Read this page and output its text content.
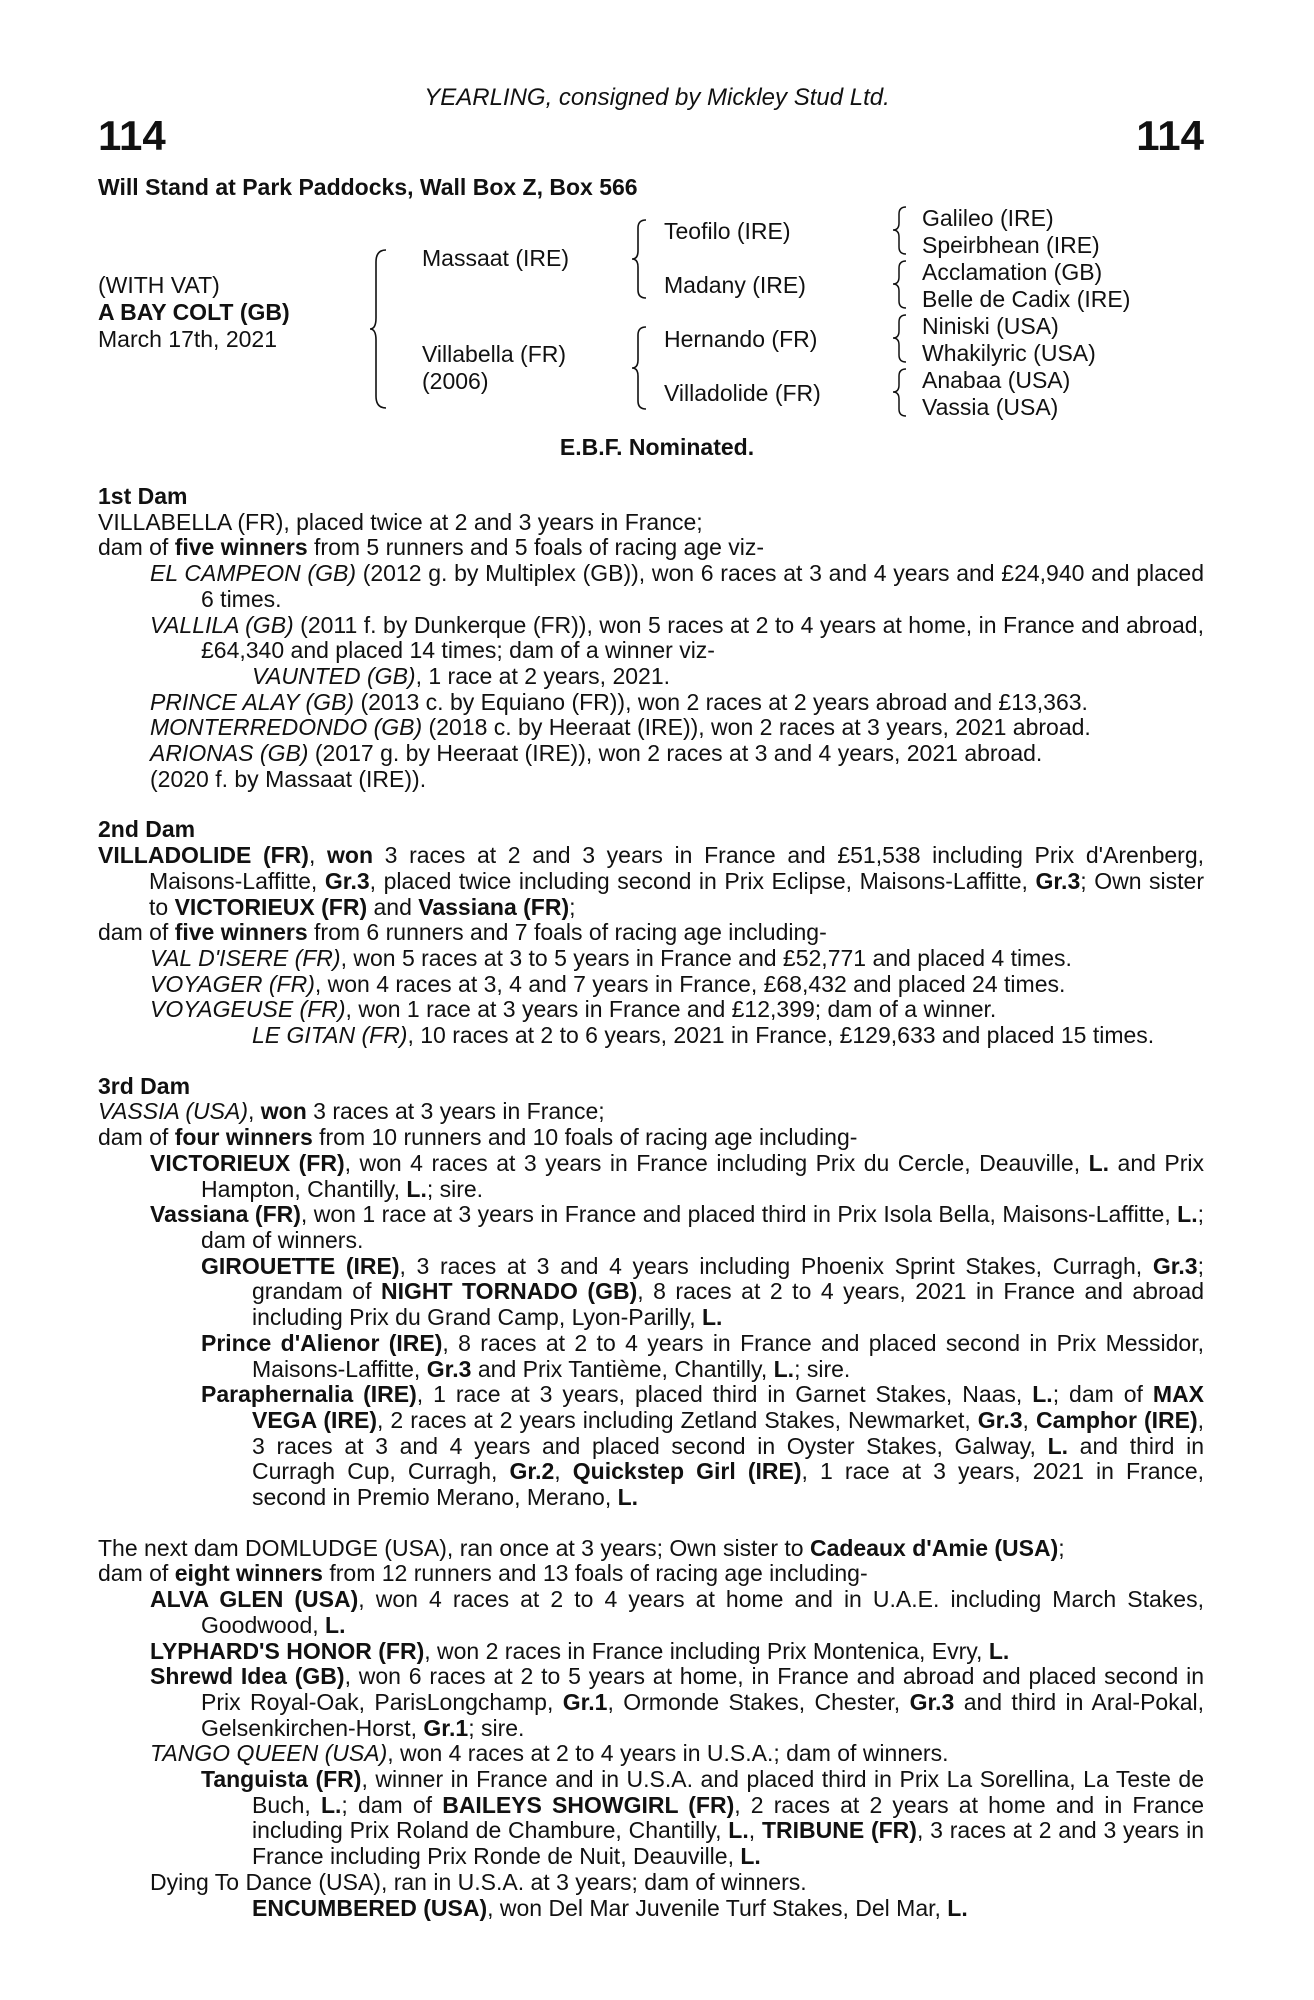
YEARLING, consigned by Mickley Stud Ltd.
114	114
Will Stand at Park Paddocks, Wall Box Z, Box 566
(WITH VAT)
A BAY COLT (GB)
March 17th, 2021
Massaat (IRE)
Villabella (FR)
(2006)
Teofilo (IRE)
Madany (IRE)
Hernando (FR)
Villadolide (FR)
Galileo (IRE)
Speirbhean (IRE)
Acclamation (GB)
Belle de Cadix (IRE)
Niniski (USA)
Whakilyric (USA)
Anabaa (USA)
Vassia (USA)
E.B.F. Nominated.

1st Dam

VILLABELLA (FR), placed twice at 2 and 3 years in France;

dam of five winners from 5 runners and 5 foals of racing age viz-

EL CAMPEON (GB) (2012 g. by Multiplex (GB)), won 6 races at 3 and 4 years and £24,940 and placed 6 times.

VALLILA (GB) (2011 f. by Dunkerque (FR)), won 5 races at 2 to 4 years at home, in France and abroad, £64,340 and placed 14 times; dam of a winner viz-

VAUNTED (GB), 1 race at 2 years, 2021.

PRINCE ALAY (GB) (2013 c. by Equiano (FR)), won 2 races at 2 years abroad and £13,363.

MONTERREDONDO (GB) (2018 c. by Heeraat (IRE)), won 2 races at 3 years, 2021 abroad.

ARIONAS (GB) (2017 g. by Heeraat (IRE)), won 2 races at 3 and 4 years, 2021 abroad.

(2020 f. by Massaat (IRE)).

2nd Dam

VILLADOLIDE (FR), won 3 races at 2 and 3 years in France and £51,538 including Prix d'Arenberg, Maisons-Laffitte, Gr.3, placed twice including second in Prix Eclipse, Maisons-Laffitte, Gr.3; Own sister to VICTORIEUX (FR) and Vassiana (FR);

dam of five winners from 6 runners and 7 foals of racing age including-

VAL D'ISERE (FR), won 5 races at 3 to 5 years in France and £52,771 and placed 4 times.

VOYAGER (FR), won 4 races at 3, 4 and 7 years in France, £68,432 and placed 24 times.

VOYAGEUSE (FR), won 1 race at 3 years in France and £12,399; dam of a winner.

LE GITAN (FR), 10 races at 2 to 6 years, 2021 in France, £129,633 and placed 15 times.

3rd Dam

VASSIA (USA), won 3 races at 3 years in France;

dam of four winners from 10 runners and 10 foals of racing age including-

VICTORIEUX (FR), won 4 races at 3 years in France including Prix du Cercle, Deauville, L. and Prix Hampton, Chantilly, L.; sire.

Vassiana (FR), won 1 race at 3 years in France and placed third in Prix Isola Bella, Maisons-Laffitte, L.; dam of winners.

GIROUETTE (IRE), 3 races at 3 and 4 years including Phoenix Sprint Stakes, Curragh, Gr.3; grandam of NIGHT TORNADO (GB), 8 races at 2 to 4 years, 2021 in France and abroad including Prix du Grand Camp, Lyon-Parilly, L.

Prince d'Alienor (IRE), 8 races at 2 to 4 years in France and placed second in Prix Messidor, Maisons-Laffitte, Gr.3 and Prix Tantième, Chantilly, L.; sire.

Paraphernalia (IRE), 1 race at 3 years, placed third in Garnet Stakes, Naas, L.; dam of MAX VEGA (IRE), 2 races at 2 years including Zetland Stakes, Newmarket, Gr.3, Camphor (IRE), 3 races at 3 and 4 years and placed second in Oyster Stakes, Galway, L. and third in Curragh Cup, Curragh, Gr.2, Quickstep Girl (IRE), 1 race at 3 years, 2021 in France, second in Premio Merano, Merano, L.

The next dam DOMLUDGE (USA), ran once at 3 years; Own sister to Cadeaux d'Amie (USA);

dam of eight winners from 12 runners and 13 foals of racing age including-

ALVA GLEN (USA), won 4 races at 2 to 4 years at home and in U.A.E. including March Stakes, Goodwood, L.

LYPHARD'S HONOR (FR), won 2 races in France including Prix Montenica, Evry, L.

Shrewd Idea (GB), won 6 races at 2 to 5 years at home, in France and abroad and placed second in Prix Royal-Oak, ParisLongchamp, Gr.1, Ormonde Stakes, Chester, Gr.3 and third in Aral-Pokal, Gelsenkirchen-Horst, Gr.1; sire.

TANGO QUEEN (USA), won 4 races at 2 to 4 years in U.S.A.; dam of winners.

Tanguista (FR), winner in France and in U.S.A. and placed third in Prix La Sorellina, La Teste de Buch, L.; dam of BAILEYS SHOWGIRL (FR), 2 races at 2 years at home and in France including Prix Roland de Chambure, Chantilly, L., TRIBUNE (FR), 3 races at 2 and 3 years in France including Prix Ronde de Nuit, Deauville, L.

Dying To Dance (USA), ran in U.S.A. at 3 years; dam of winners.

ENCUMBERED (USA), won Del Mar Juvenile Turf Stakes, Del Mar, L.
